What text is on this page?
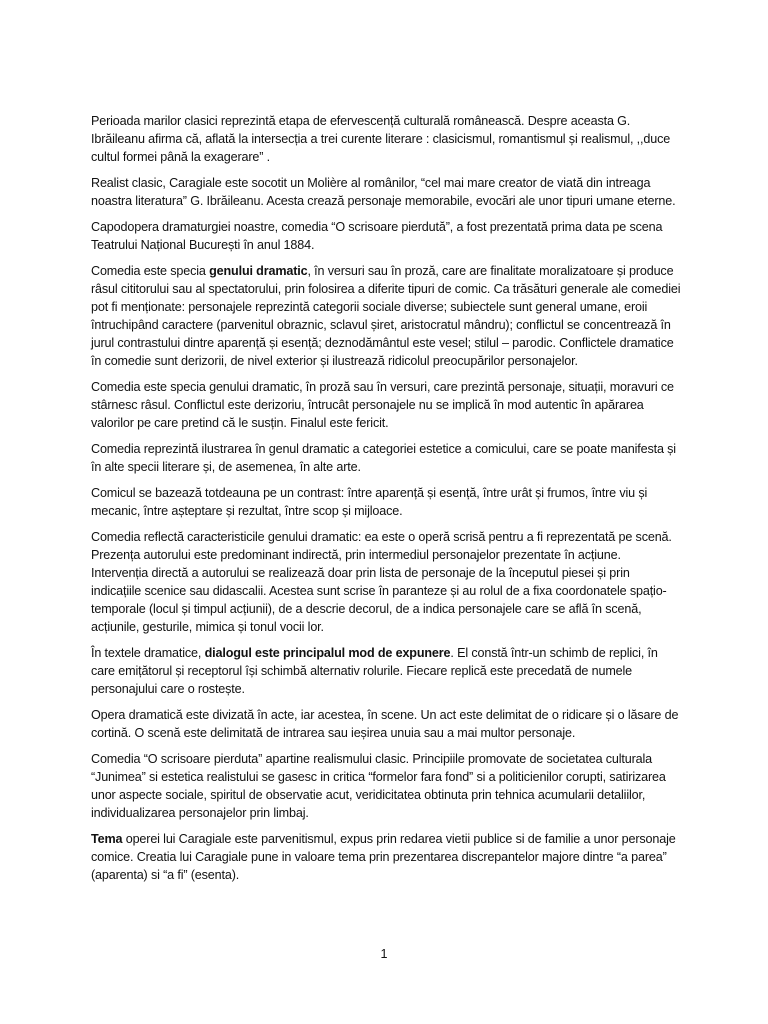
Perioada marilor clasici reprezintă etapa de efervescență culturală românească. Despre aceasta G. Ibrăileanu afirma că, aflată la intersecția a trei curente literare : clasicismul, romantismul și realismul, ,,duce cultul formei până la exagerare” .

Realist clasic, Caragiale este socotit un Molière al românilor, “cel mai mare creator de viată din intreaga noastra literatura” G. Ibrăileanu. Acesta crează personaje memorabile, evocări ale unor tipuri umane eterne.

Capodopera dramaturgiei noastre, comedia “O scrisoare pierdută”, a fost prezentată prima data pe scena Teatrului Național București în anul 1884.

Comedia este specia genului dramatic, în versuri sau în proză, care are finalitate moralizatoare și produce râsul cititorului sau al spectatorului, prin folosirea a diferite tipuri de comic. Ca trăsături generale ale comediei pot fi menționate: personajele reprezintă categorii sociale diverse; subiectele sunt general umane, eroii întruchipând caractere (parvenitul obraznic, sclavul șiret, aristocratul mândru); conflictul se concentrează în jurul contrastului dintre aparență și esență; deznodământul este vesel; stilul – parodic. Conflictele dramatice în comedie sunt derizorii, de nivel exterior și ilustrează ridicolul preocupărilor personajelor.

Comedia este specia genului dramatic, în proză sau în versuri, care prezintă personaje, situații, moravuri ce stârnesc râsul. Conflictul este derizoriu, întrucât personajele nu se implică în mod autentic în apărarea valorilor pe care pretind că le susțin. Finalul este fericit.

Comedia reprezintă ilustrarea în genul dramatic a categoriei estetice a comicului, care se poate manifesta și în alte specii literare și, de asemenea, în alte arte.

Comicul se bazează totdeauna pe un contrast: între aparență și esență, între urât și frumos, între viu și mecanic, între așteptare și rezultat, între scop și mijloace.

Comedia reflectă caracteristicile genului dramatic: ea este o operă scrisă pentru a fi reprezentată pe scenă. Prezența autorului este predominant indirectă, prin intermediul personajelor prezentate în acțiune. Intervenția directă a autorului se realizează doar prin lista de personaje de la începutul piesei și prin indicațiile scenice sau didascalii. Acestea sunt scrise în paranteze și au rolul de a fixa coordonatele spațio-temporale (locul și timpul acțiunii), de a descrie decorul, de a indica personajele care se află în scenă, acțiunile, gesturile, mimica și tonul vocii lor.

În textele dramatice, dialogul este principalul mod de expunere. El constă într-un schimb de replici, în care emițătorul și receptorul își schimbă alternativ rolurile. Fiecare replică este precedată de numele personajului care o rostește.

Opera dramatică este divizată în acte, iar acestea, în scene. Un act este delimitat de o ridicare și o lăsare de cortină. O scenă este delimitată de intrarea sau ieșirea unuia sau a mai multor personaje.

Comedia “O scrisoare pierduta” apartine realismului clasic. Principiile promovate de societatea culturala “Junimea” si estetica realistului se gasesc in critica “formelor fara fond” si a politicienilor corupti, satirizarea unor aspecte sociale, spiritul de observatie acut, veridicitatea obtinuta prin tehnica acumularii detaliilor, individualizarea personajelor prin limbaj.

Tema operei lui Caragiale este parvenitismul, expus prin redarea vietii publice si de familie a unor personaje comice. Creatia lui Caragiale pune in valoare tema prin prezentarea discrepantelor majore dintre “a parea” (aparenta) si “a fi” (esenta).

1
